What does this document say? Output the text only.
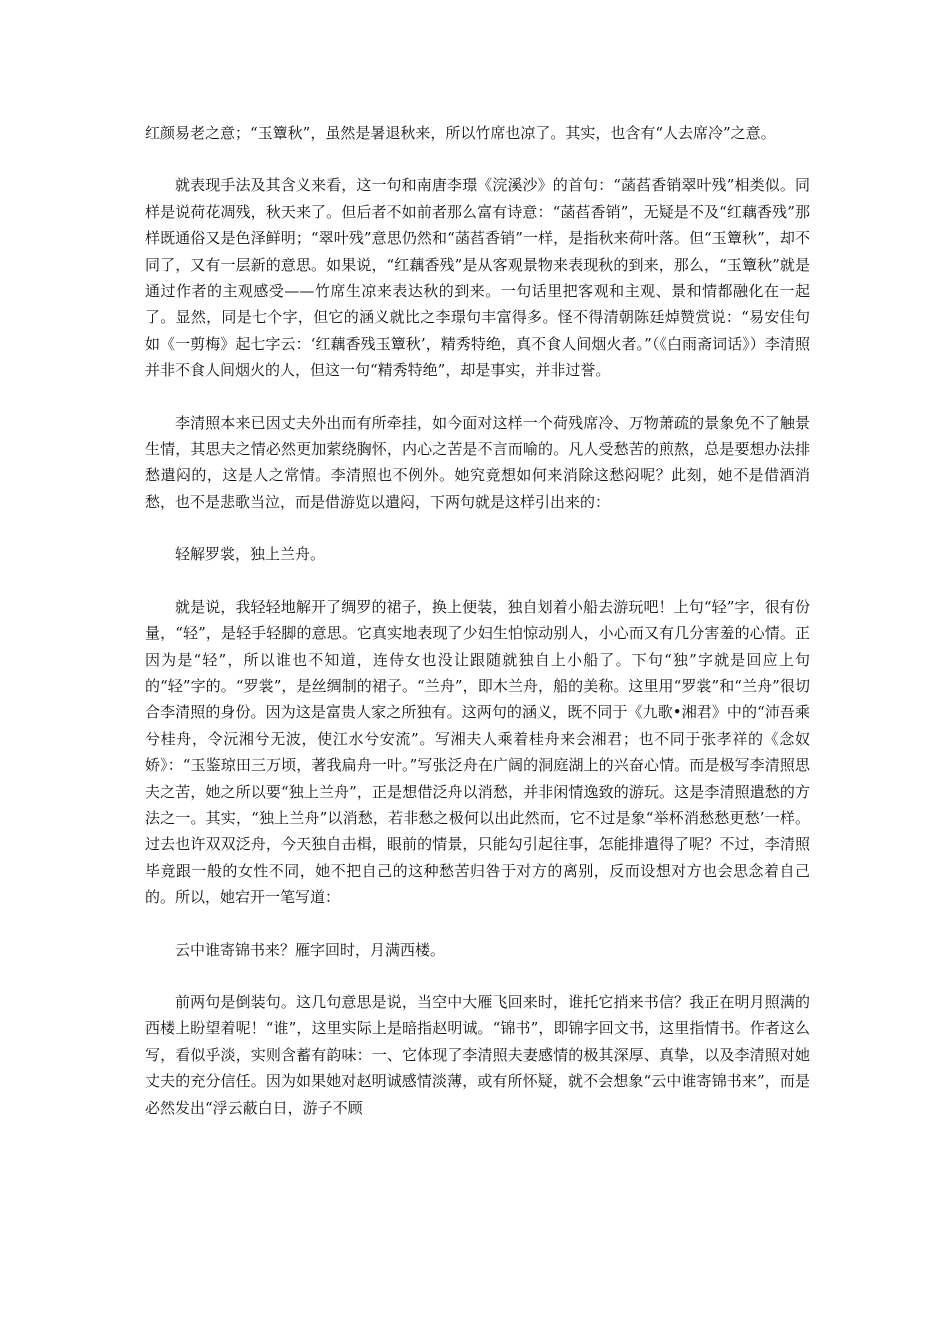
红颜易老之意；“玉簟秋”，虽然是暑退秋来，所以竹席也凉了。其实，也含有“人去席冷”之意。

就表现手法及其含义来看，这一句和南唐李璟《浣溪沙》的首句：“菡萏香销翠叶残”相类似。同样是说荷花凋残，秋天来了。但后者不如前者那么富有诗意：“菡萏香销”，无疑是不及“红藕香残”那样既通俗又是色泽鲜明；“翠叶残”意思仍然和“菡萏香销”一样，是指秋来荷叶落。但“玉簟秋”，却不同了，又有一层新的意思。如果说，“红藕香残”是从客观景物来表现秋的到来，那么，“玉簟秋”就是通过作者的主观感受——竹席生凉来表达秋的到来。一句话里把客观和主观、景和情都融化在一起了。显然，同是七个字，但它的涵义就比之李璟句丰富得多。怪不得清朝陈廷焯赞赏说：“易安佳句如《一剪梅》起七字云：‘红藕香残玉簟秋’，精秀特绝，真不食人间烟火者。”（《白雨斋词话》）李清照并非不食人间烟火的人，但这一句“精秀特绝”，却是事实，并非过誉。

李清照本来已因丈夫外出而有所牵挂，如今面对这样一个荷残席冷、万物萧疏的景象免不了触景生情，其思夫之情必然更加萦绕胸怀，内心之苦是不言而喻的。凡人受愁苦的煎熬，总是要想办法排愁遣闷的，这是人之常情。李清照也不例外。她究竟想如何来消除这愁闷呢？此刻，她不是借酒消愁，也不是悲歌当泣，而是借游览以遣闷，下两句就是这样引出来的：

轻解罗裳，独上兰舟。

就是说，我轻轻地解开了绸罗的裙子，换上便装，独自划着小船去游玩吧！上句“轻”字，很有份量，“轻”，是轻手轻脚的意思。它真实地表现了少妇生怕惊动别人，小心而又有几分害羞的心情。正因为是“轻”，所以谁也不知道，连侍女也没让跟随就独自上小船了。下句“独”字就是回应上句的“轻”字的。“罗裳”，是丝绸制的裙子。“兰舟”，即木兰舟，船的美称。这里用“罗裳”和“兰舟”很切合李清照的身份。因为这是富贵人家之所独有。这两句的涵义，既不同于《九歌•湘君》中的“沛吾乘兮桂舟，令沅湘兮无波，使江水兮安流”。写湘夫人乘着桂舟来会湘君；也不同于张孝祥的《念奴娇》：“玉鉴琼田三万顷，著我扁舟一叶。”写张泛舟在广阔的洞庭湖上的兴奋心情。而是极写李清照思夫之苦，她之所以要“独上兰舟”，正是想借泛舟以消愁，并非闲情逸致的游玩。这是李清照遣愁的方法之一。其实，“独上兰舟”以消愁，若非愁之极何以出此然而，它不过是象“举杯消愁愁更愁’一样。过去也许双双泛舟，今天独自击楫，眼前的情景，只能勾引起往事，怎能排遣得了呢？不过，李清照毕竟跟一般的女性不同，她不把自己的这种愁苦归咎于对方的离别，反而设想对方也会思念着自己的。所以，她宕开一笔写道：

云中谁寄锦书来？雁字回时，月满西楼。

前两句是倒装句。这几句意思是说，当空中大雁飞回来时，谁托它捎来书信？我正在明月照满的西楼上盼望着呢！“谁”，这里实际上是暗指赵明诚。“锦书”，即锦字回文书，这里指情书。作者这么写，看似乎淡，实则含蓄有韵味：一、它体现了李清照夫妻感情的极其深厚、真挚，以及李清照对她丈夫的充分信任。因为如果她对赵明诚感情淡薄，或有所怀疑，就不会想象“云中谁寄锦书来”，而是必然发出“浮云蔽白日，游子不顾
